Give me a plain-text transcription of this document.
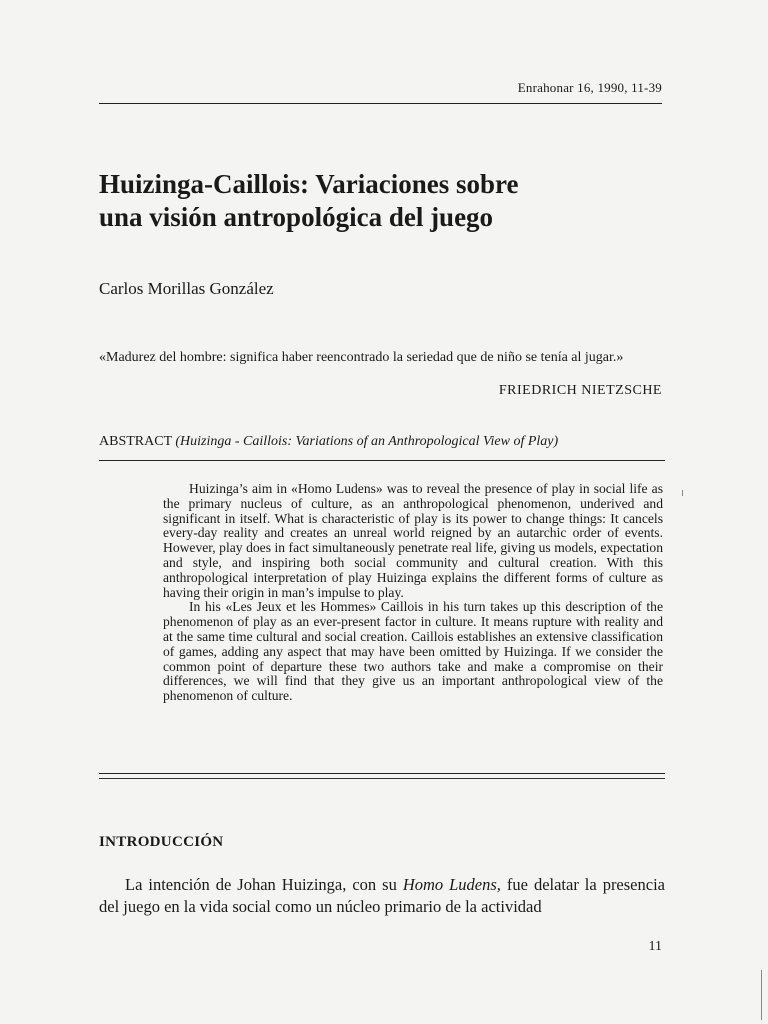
Enrahonar 16, 1990, 11-39
Huizinga-Caillois: Variaciones sobre
una visión antropológica del juego
Carlos Morillas González
«Madurez del hombre: significa haber reencontrado la seriedad que de niño se tenía al jugar.»
FRIEDRICH NIETZSCHE
ABSTRACT (Huizinga - Caillois: Variations of an Anthropological View of Play)

Huizinga’s aim in «Homo Ludens» was to reveal the presence of play in social life as the primary nucleus of culture, as an anthropological phenomenon, underived and significant in itself. What is characteristic of play is its power to change things: It cancels every-day reality and creates an unreal world reigned by an autarchic order of events. However, play does in fact simultaneously penetrate real life, giving us models, expectation and style, and inspiring both social community and cultural creation. With this anthropological interpretation of play Huizinga explains the different forms of culture as having their origin in man’s impulse to play.

In his «Les Jeux et les Hommes» Caillois in his turn takes up this description of the phenomenon of play as an ever-present factor in culture. It means rupture with reality and at the same time cultural and social creation. Caillois establishes an extensive classification of games, adding any aspect that may have been omitted by Huizinga. If we consider the common point of departure these two authors take and make a compromise on their differences, we will find that they give us an important anthropological view of the phenomenon of culture.

INTRODUCCIÓN

La intención de Johan Huizinga, con su Homo Ludens, fue delatar la presencia del juego en la vida social como un núcleo primario de la actividad

11
